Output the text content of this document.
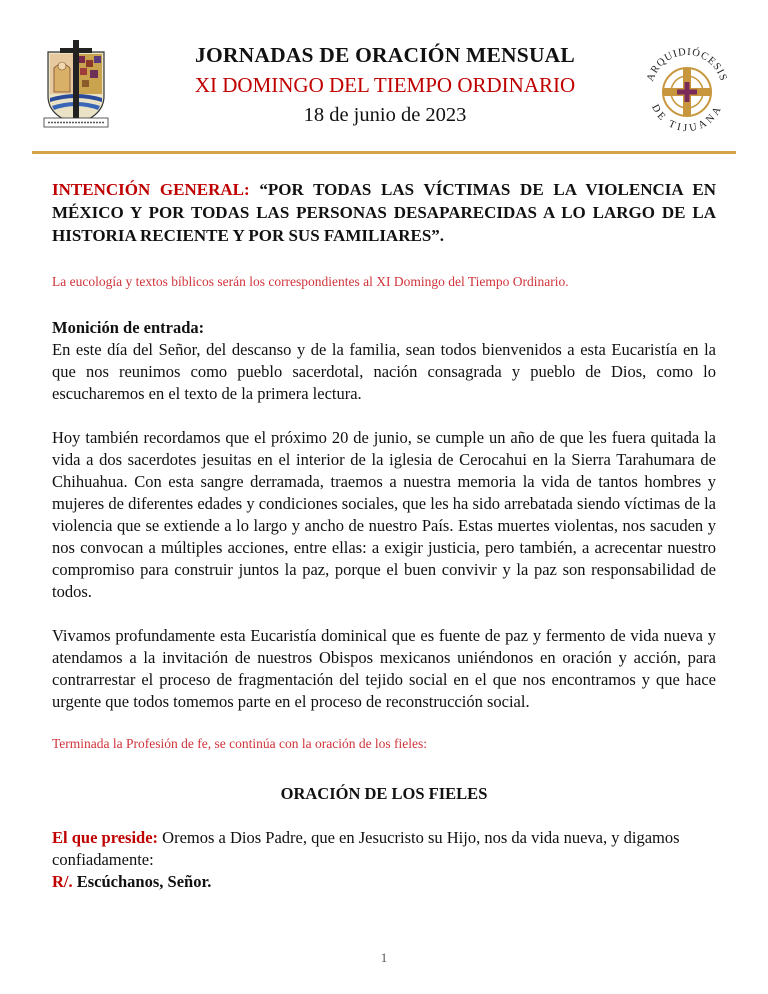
JORNADAS DE ORACIÓN MENSUAL
XI DOMINGO DEL TIEMPO ORDINARIO
18 de junio de 2023
ARQUIDIÓCESIS
DE TIJUANA

INTENCIÓN GENERAL: “POR TODAS LAS VÍCTIMAS DE LA VIOLENCIA EN MÉXICO Y POR TODAS LAS PERSONAS DESAPARECIDAS A LO LARGO DE LA HISTORIA RECIENTE Y POR SUS FAMILIARES”.

La eucología y textos bíblicos serán los correspondientes al XI Domingo del Tiempo Ordinario.

Monición de entrada:

En este día del Señor, del descanso y de la familia, sean todos bienvenidos a esta Eucaristía en la que nos reunimos como pueblo sacerdotal, nación consagrada y pueblo de Dios, como lo escucharemos en el texto de la primera lectura.

Hoy también recordamos que el próximo 20 de junio, se cumple un año de que les fuera quitada la vida a dos sacerdotes jesuitas en el interior de la iglesia de Cerocahui en la Sierra Tarahumara de Chihuahua. Con esta sangre derramada, traemos a nuestra memoria la vida de tantos hombres y mujeres de diferentes edades y condiciones sociales, que les ha sido arrebatada siendo víctimas de la violencia que se extiende a lo largo y ancho de nuestro País. Estas muertes violentas, nos sacuden y nos convocan a múltiples acciones, entre ellas: a exigir justicia, pero también, a acrecentar nuestro compromiso para construir juntos la paz, porque el buen convivir y la paz son responsabilidad de todos.

Vivamos profundamente esta Eucaristía dominical que es fuente de paz y fermento de vida nueva y atendamos a la invitación de nuestros Obispos mexicanos uniéndonos en oración y acción, para contrarrestar el proceso de fragmentación del tejido social en el que nos encontramos y que hace urgente que todos tomemos parte en el proceso de reconstrucción social.

Terminada la Profesión de fe, se continúa con la oración de los fieles:

ORACIÓN DE LOS FIELES

El que preside: Oremos a Dios Padre, que en Jesucristo su Hijo, nos da vida nueva, y digamos confiadamente:

R/. Escúchanos, Señor.

1
